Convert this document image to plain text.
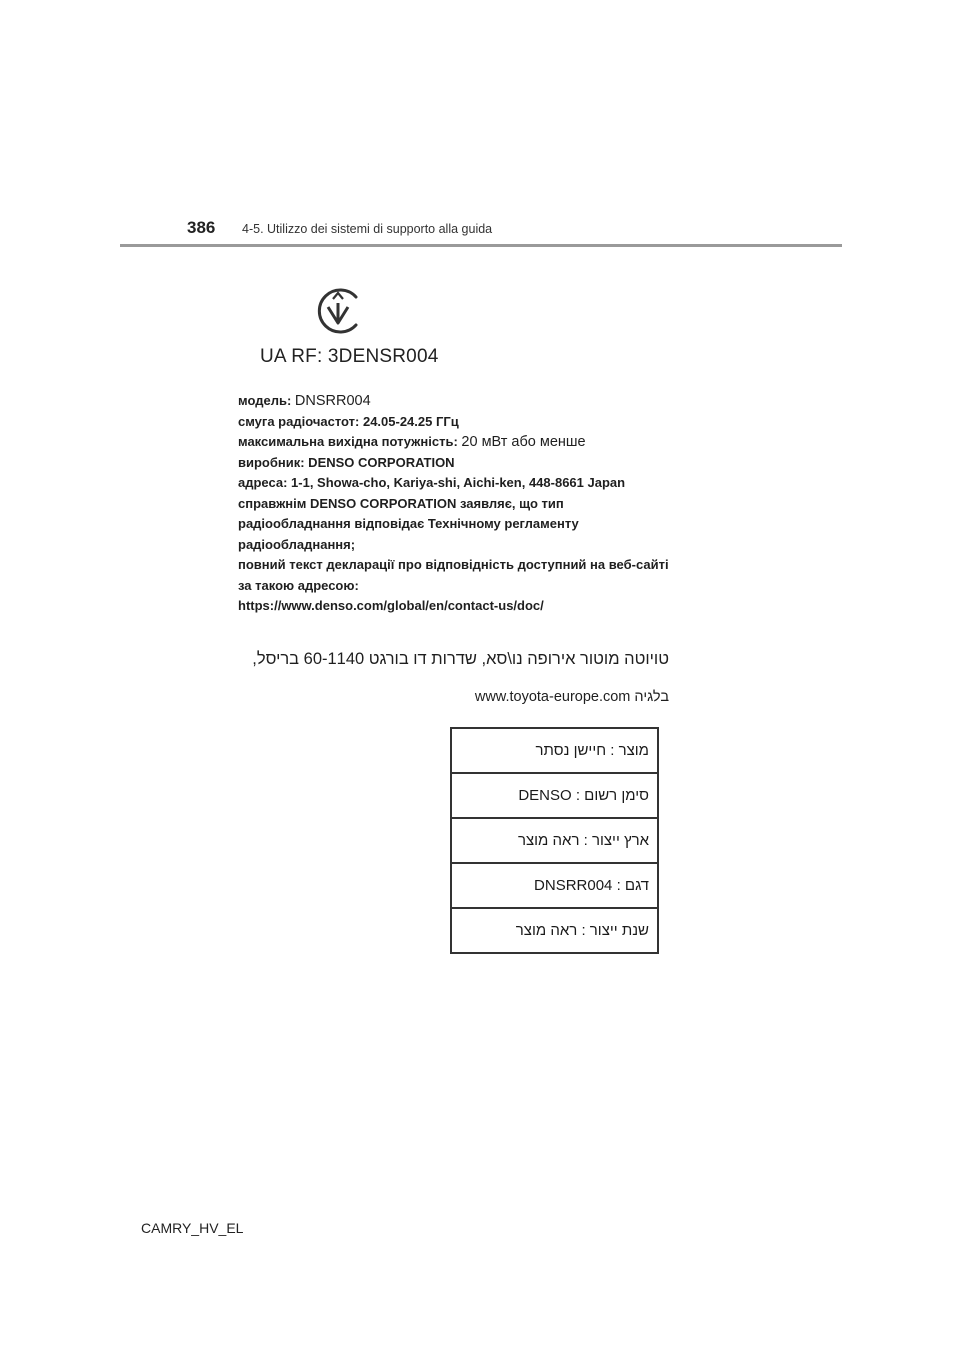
386 4-5. Utilizzo dei sistemi di supporto alla guida
UA RF: 3DENSR004
модель: DNSRR004
смуга радіочастот: 24.05-24.25 ГГц
максимальна вихідна потужність: 20 мВт або менше
виробник: DENSO CORPORATION
адреса: 1-1, Showa-cho, Kariya-shi, Aichi-ken, 448-8661 Japan
справжнім DENSO CORPORATION заявляє, що тип
радіообладнання відповідає Технічному регламенту
радіообладнання;
повний текст декларації про відповідність доступний на веб-сайті
за такою адресою:
https://www.denso.com/global/en/contact-us/doc/
טויוטה מוטור אירופה נו\סא, שדרות דו בורגט 60-1140 בריסל,
בלגיה www.toyota-europe.com
מוצר : חיישן נסתר
סימן רשום : DENSO
ארץ ייצור : ראה מוצר
דגם : DNSRR004
שנת ייצור : ראה מוצר
CAMRY_HV_EL
